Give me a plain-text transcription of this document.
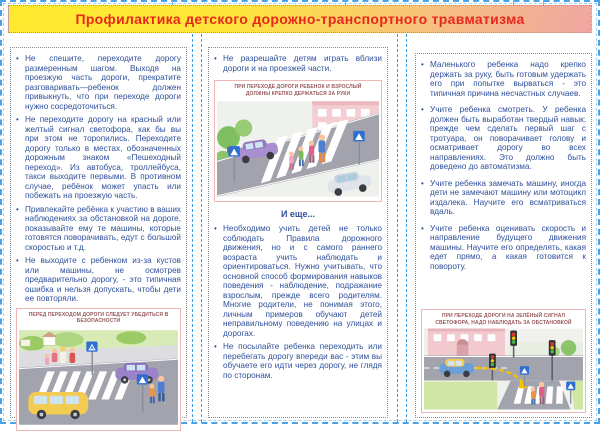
Профилактика детского дорожно-транспортного травматизма
• Не спешите, переходите дорогу размеренным шагом. Выходя на проезжую часть дороги, прекратите разговаривать—ребенок должен привыкнуть, что при переходе дороги нужно сосредоточиться.
• Не переходите дорогу на красный или желтый сигнал светофора, как бы вы при этом не торопились. Переходите дорогу только в местах, обозначенных дорожным знаком «Пешеходный переход». Из автобуса, троллейбуса, такси выходите первыми. В противном случае, ребёнок может упасть или побежать на проезжую часть.
• Привлекайте ребёнка к участию в ваших наблюдениях за обстановкой на дороге, показывайте ему те машины, которые готовятся поворачивать, едут с большой скоростью и т.д.
• Не выходите с ребенком из-за кустов или машины, не осмотрев предварительно дорогу, - это типичная ошибка и нельзя допускать, чтобы дети ее повторяли.
ПЕРЕД ПЕРЕХОДОМ ДОРОГИ СЛЕДУЕТ УБЕДИТЬСЯ В БЕЗОПАСНОСТИ
• Не разрешайте детям играть вблизи дороги и на проезжей части.
ПРИ ПЕРЕХОДЕ ДОРОГИ РЕБЕНОК И ВЗРОСЛЫЙ ДОЛЖНЫ КРЕПКО ДЕРЖАТЬСЯ ЗА РУКИ
И еще...
• Необходимо учить детей не только соблюдать Правила дорожного движения, но и с самого раннего возраста учить наблюдать и ориентироваться. Нужно учитывать, что основной способ формирования навыков поведения - наблюдение, подражание взрослым, прежде всего родителям. Многие родители, не понимая этого, личным примеров обучают детей неправильному поведению на улицах и дорогах.
• Не посылайте ребенка переходить или перебегать дорогу впереди вас - этим вы обучаете его идти через дорогу, не глядя по сторонам.
• Маленького ребенка надо крепко держать за руку, быть готовым удержать его при попытке вырваться - это типичная причина несчастных случаев.
• Учите ребенка смотреть. У ребенка должен быть выработан твердый навык: прежде чем сделать первый шаг с тротуара, он поворачивает голову и осматривает дорогу во всех направлениях. Это должно быть доведено до автоматизма.
• Учите ребенка замечать машину, иногда дети не замечают машину или мотоцикл издалека. Научите его всматриваться вдаль.
• Учите ребенка оценивать скорость и направление будущего движения машины. Научите его определять, какая едет прямо, а какая готовится к повороту.
ПРИ ПЕРЕХОДЕ ДОРОГИ НА ЗЕЛЁНЫЙ СИГНАЛ СВЕТОФОРА, НАДО НАБЛЮДАТЬ ЗА ОБСТАНОВКОЙ
